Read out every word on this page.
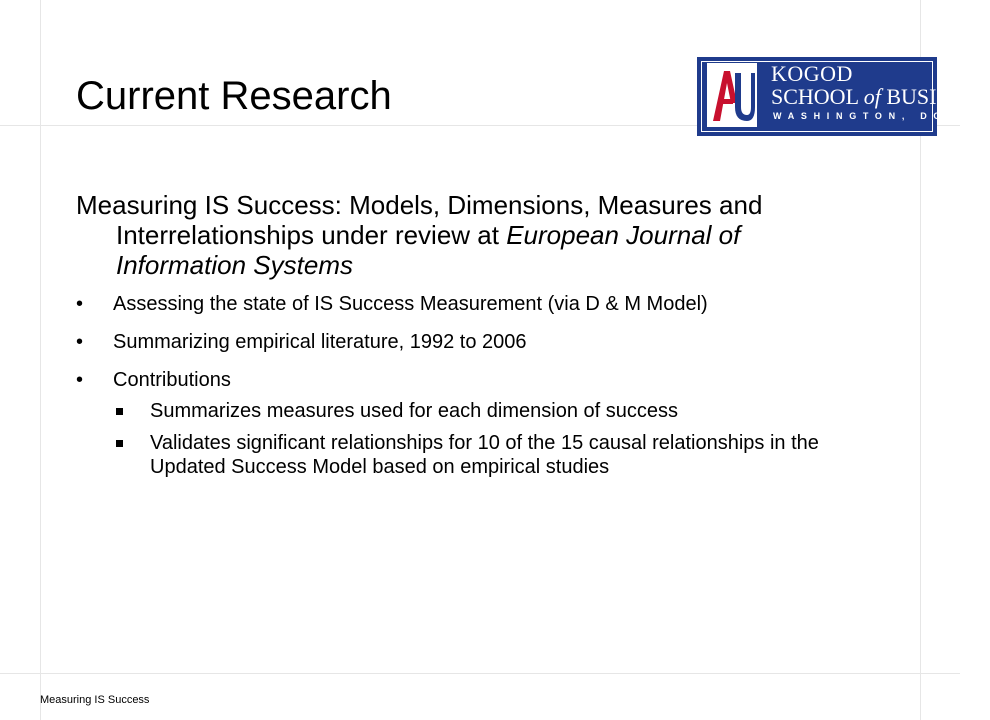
Current Research
KOGOD
SCHOOL of BUSINESS
WASHINGTON, DC

Measuring IS Success: Models, Dimensions, Measures and Interrelationships under review at European Journal of Information Systems

• Assessing the state of IS Success Measurement (via D & M Model)
• Summarizing empirical literature, 1992 to 2006
• Contributions
Summarizes measures used for each dimension of success
Validates significant relationships for 10 of the 15 causal relationships in the Updated Success Model based on empirical studies
Measuring IS Success
